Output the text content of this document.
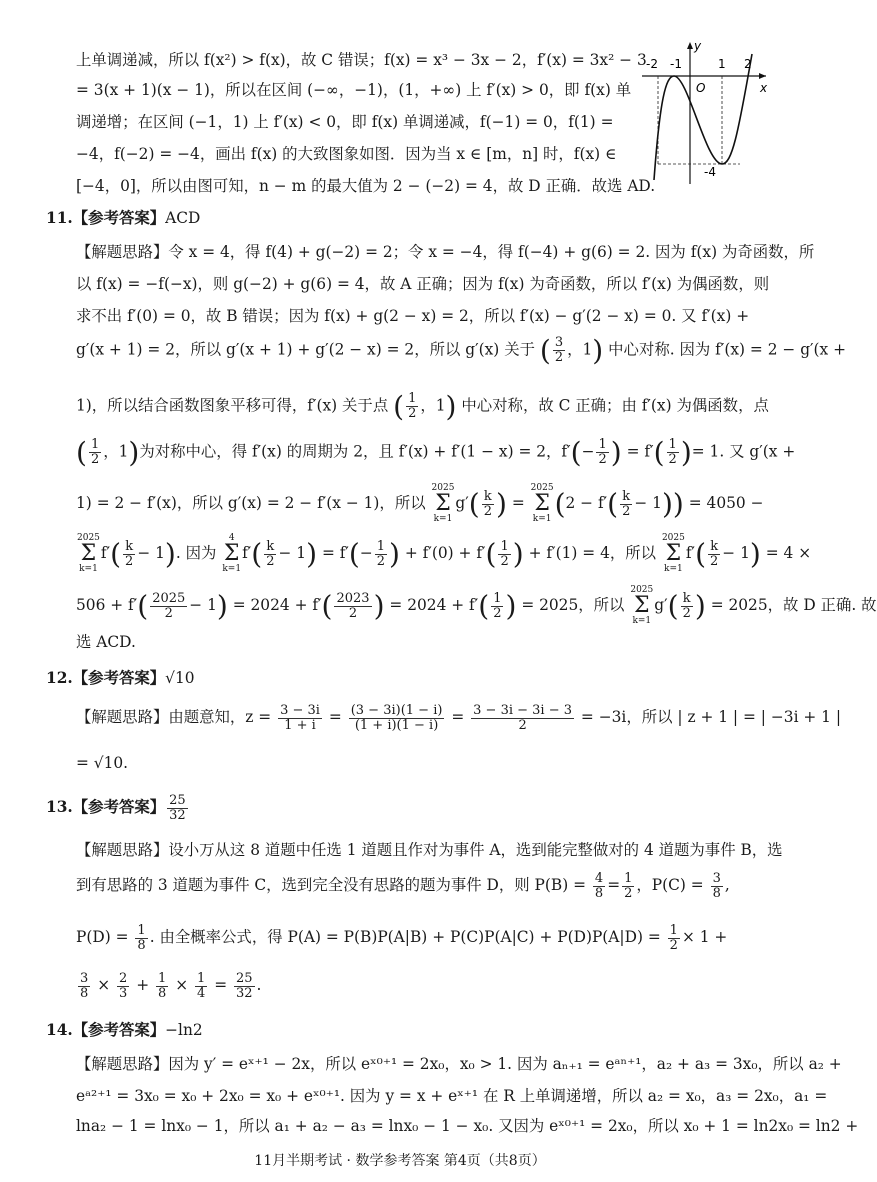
上单调递减，所以 f(x²) > f(x)，故 C 错误；f(x) = x³ − 3x − 2，f′(x) = 3x² − 3
= 3(x + 1)(x − 1)，所以在区间 (−∞，−1)，(1，+∞) 上 f′(x) > 0，即 f(x) 单
调递增；在区间 (−1，1) 上 f′(x) < 0，即 f(x) 单调递减，f(−1) = 0，f(1) =
−4，f(−2) = −4，画出 f(x) 的大致图象如图．因为当 x ∈ [m，n] 时，f(x) ∈
[−4，0]，所以由图可知，n − m 的最大值为 2 − (−2) = 4，故 D 正确．故选 AD.
-2 -1	1 2
O
y
x
-4
11.【参考答案】ACD
【解题思路】令 x = 4，得 f(4) + g(−2) = 2；令 x = −4，得 f(−4) + g(6) = 2. 因为 f(x) 为奇函数，所
以 f(x) = −f(−x)，则 g(−2) + g(6) = 4，故 A 正确；因为 f(x) 为奇函数，所以 f′(x) 为偶函数，则
求不出 f′(0) = 0，故 B 错误；因为 f(x) + g(2 − x) = 2，所以 f′(x) − g′(2 − x) = 0. 又 f′(x) +
g′(x + 1) = 2，所以 g′(x + 1) + g′(2 − x) = 2，所以 g′(x) 关于 ( $\frac{3}{2}$ ，1) 中心对称. 因为 f′(x) = 2 − g′(x +
1)，所以结合函数图象平移可得，f′(x) 关于点 ( $\frac{1}{2}$ ，1) 中心对称，故 C 正确；由 f′(x) 为偶函数，点
( $\frac{1}{2}$ ，1)为对称中心，得 f′(x) 的周期为 2，且 f′(x) + f′(1 − x) = 2，$f'(- \frac{1}{2}$ ) = $f'( \frac{1}{2}$ )= 1. 又 g′(x +
1) = 2 − f′(x)，所以 g′(x) = 2 − f′(x − 1)，所以
2025
Σ
k=1
$g'( \frac{k}{2}$ ) =
2025
Σ
k=1 $(2 - f'( \frac{k}{2} - 1)) = 4050$ −
2025
Σ
k=1
$f'( \frac{k}{2} - 1)$. 因为
4
Σ
k=1
$f'( \frac{k}{2} - 1) = f'(- \frac{1}{2}$ ) + $f'(0) + f'( \frac{1}{2}$ ) + f′(1) = 4，所以
2025
Σ
k=1
$f'( \frac{k}{2} - 1) = 4$ ×
$506 + f'( \frac{2025}{2} - 1) = 2024 + f'( \frac{2023}{2}$ ) = $2024 + f'( \frac{1}{2}$ ) = 2025，所以
2025
Σ
k=1
$g'( \frac{k}{2}$ ) = 2025，故 D 正确. 故
选 ACD.
12.【参考答案】√10
【解题思路】由题意知，$z = \frac{3 - 3i}{1 + i} = \frac{(3 - 3i)(1 - i)}{(1 + i)(1 - i)} = \frac{3 - 3i - 3i - 3}{2} = -3i$，所以 | z + 1 | = | −3i + 1 |
= √10.
13.【参考答案】 $\frac{25}{32}$
【解题思路】设小万从这 8 道题中任选 1 道题且作对为事件 A，选到能完整做对的 4 道题为事件 B，选
到有思路的 3 道题为事件 C，选到完全没有思路的题为事件 D，则 $P(B) = \frac{4}{8} = \frac{1}{2}$ ，$P(C) = \frac{3}{8}$ ,
$P(D) = \frac{1}{8}$ . 由全概率公式，得 $P(A) = P(B)P(A|B) + P(C)P(A|C) + P(D)P(A|D) = \frac{1}{2} \times 1$ +
$\frac{3}{8} \times \frac{2}{3} + \frac{1}{8} \times \frac{1}{4} = \frac{25}{32}$ .
14.【参考答案】−ln2
【解题思路】因为 y′ = eˣ⁺¹ − 2x，所以 eˣ⁰⁺¹ = 2x₀，x₀ > 1. 因为 aₙ₊₁ = eᵃⁿ⁺¹，a₂ + a₃ = 3x₀，所以 a₂ +
eᵃ²⁺¹ = 3x₀ = x₀ + 2x₀ = x₀ + eˣ⁰⁺¹. 因为 y = x + eˣ⁺¹ 在 R 上单调递增，所以 a₂ = x₀，a₃ = 2x₀，a₁ =
lna₂ − 1 = lnx₀ − 1，所以 a₁ + a₂ − a₃ = lnx₀ − 1 − x₀. 又因为 eˣ⁰⁺¹ = 2x₀，所以 x₀ + 1 = ln2x₀ = ln2 +
11月半期考试 · 数学参考答案 第4页（共8页）
